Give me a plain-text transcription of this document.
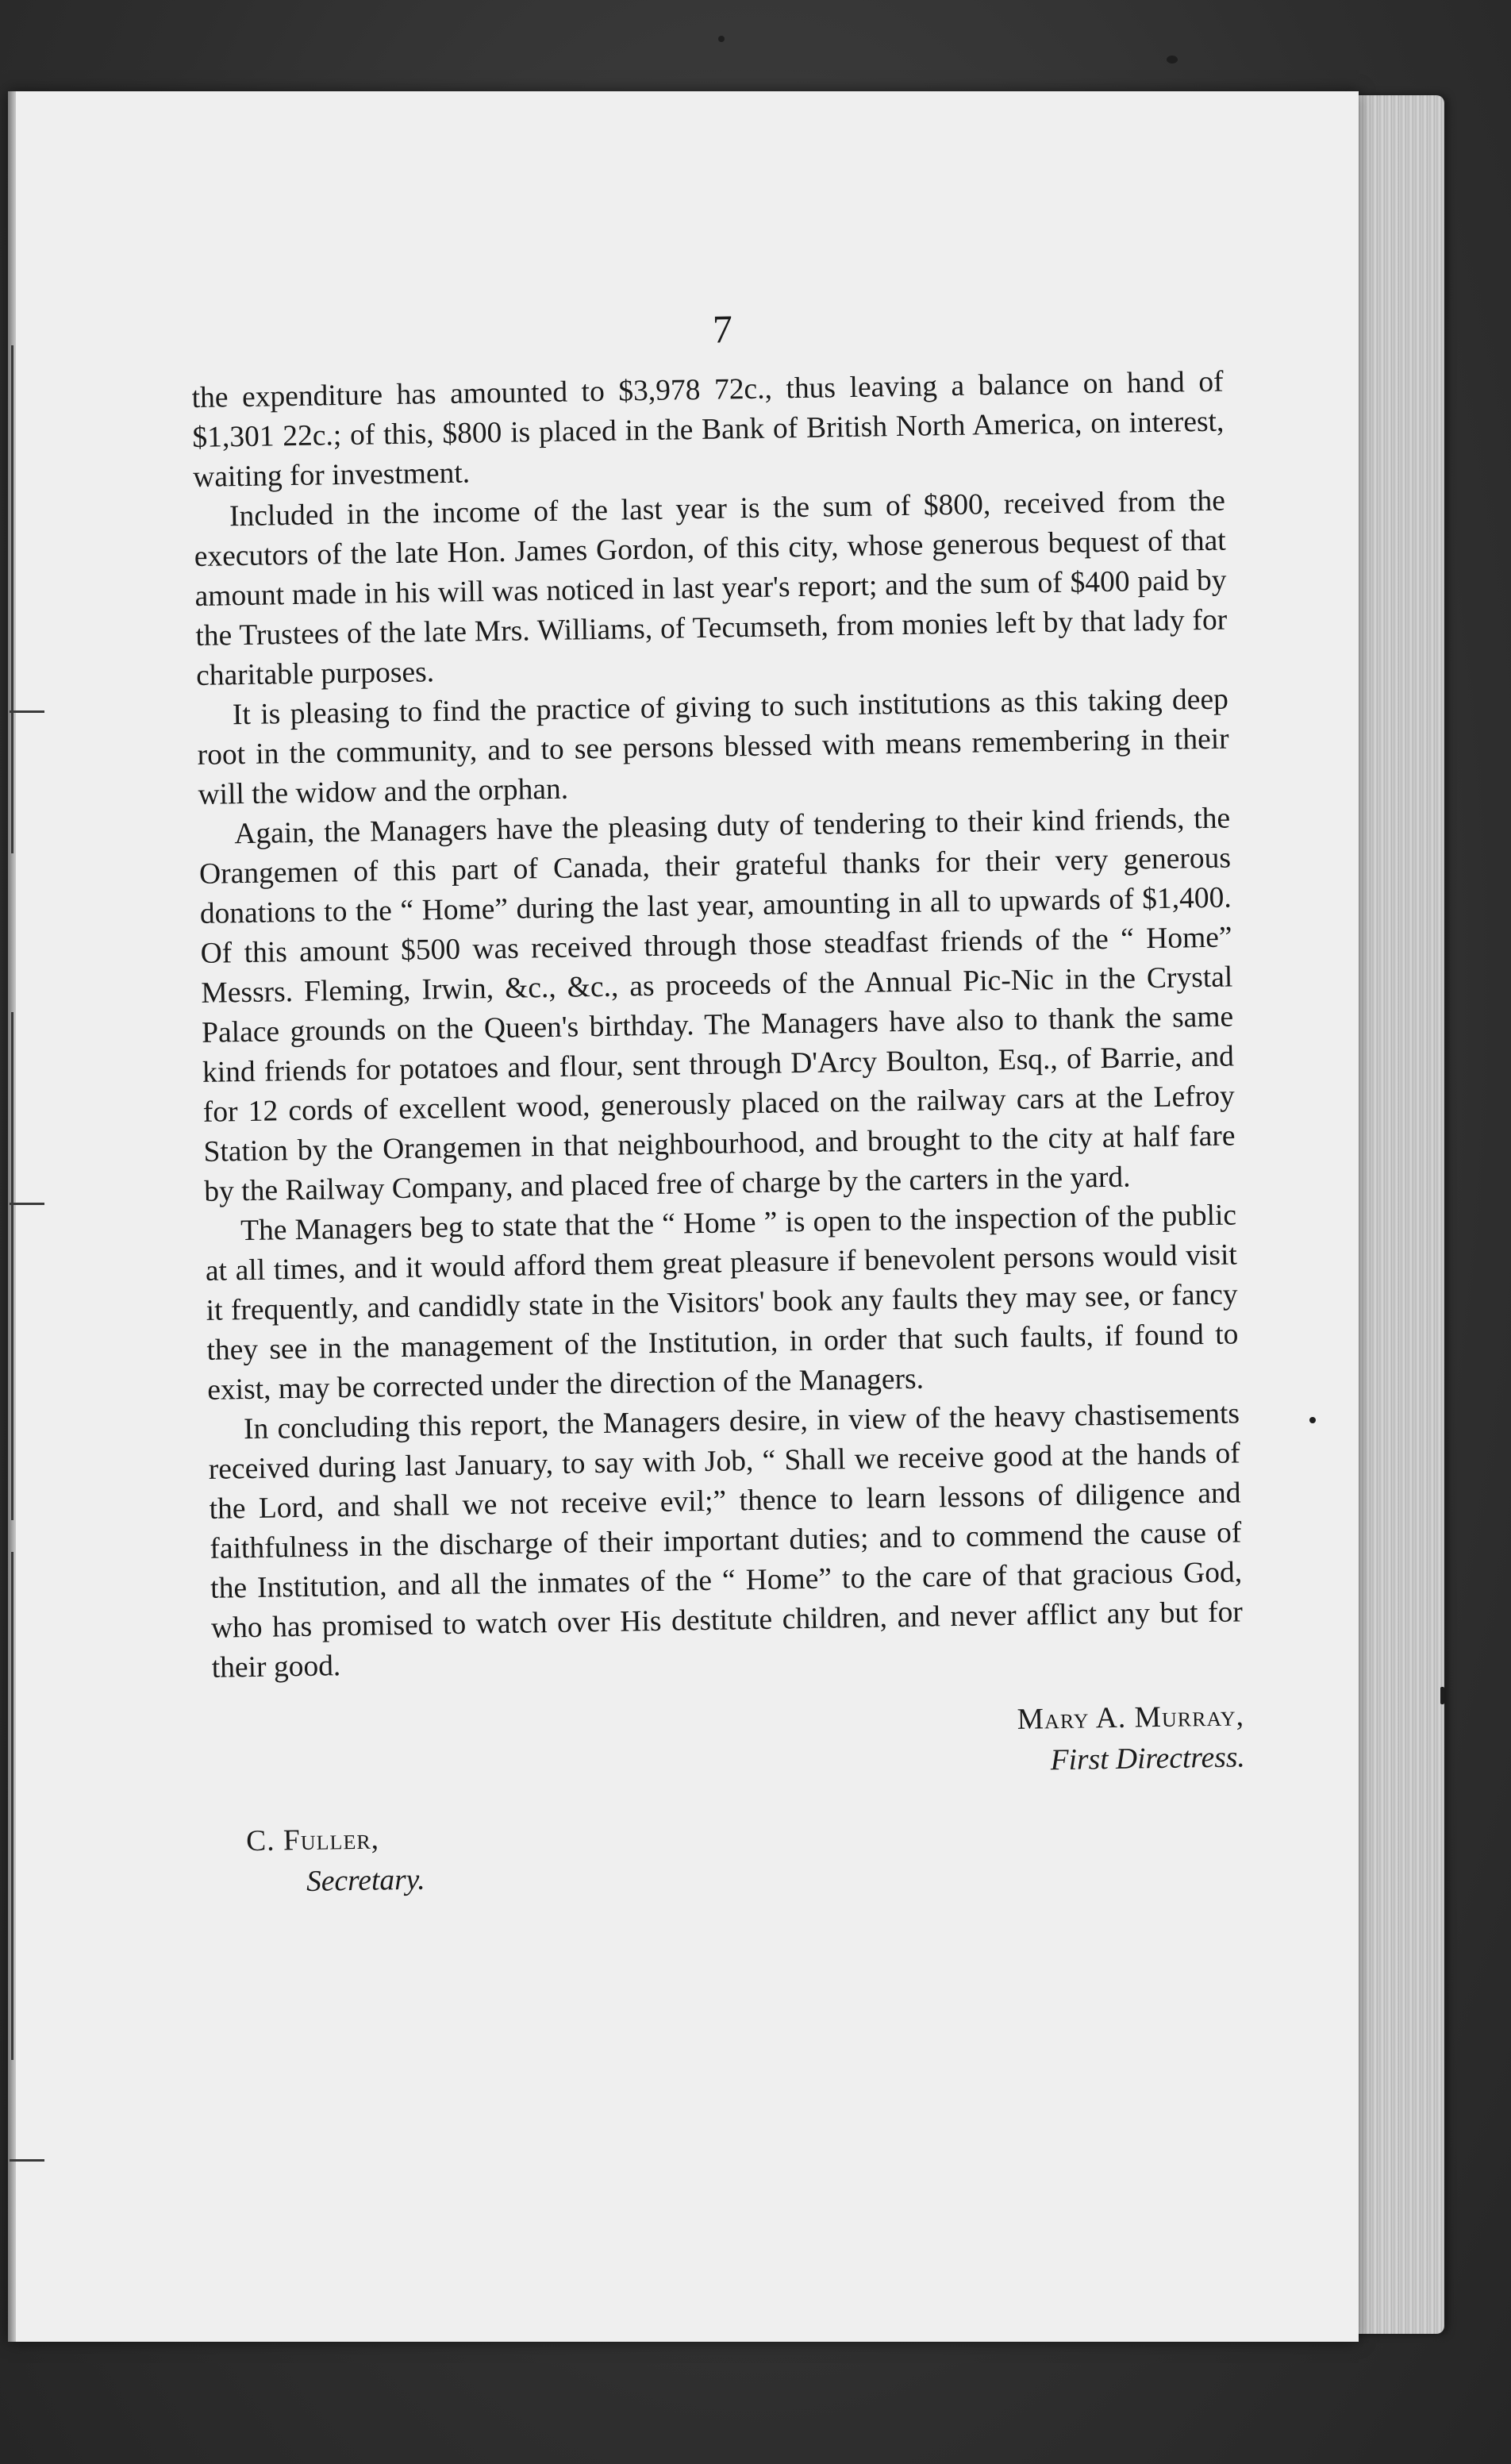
7

the expenditure has amounted to $3,978 72c., thus leaving a balance on hand of $1,301 22c.; of this, $800 is placed in the Bank of British North America, on interest, waiting for investment.

Included in the income of the last year is the sum of $800, received from the executors of the late Hon. James Gordon, of this city, whose generous bequest of that amount made in his will was noticed in last year's report; and the sum of $400 paid by the Trustees of the late Mrs. Williams, of Tecumseth, from monies left by that lady for charitable purposes.

It is pleasing to find the practice of giving to such institutions as this taking deep root in the community, and to see persons blessed with means remembering in their will the widow and the orphan.

Again, the Managers have the pleasing duty of tendering to their kind friends, the Orangemen of this part of Canada, their grateful thanks for their very generous donations to the “ Home” during the last year, amounting in all to upwards of $1,400. Of this amount $500 was received through those steadfast friends of the “ Home” Messrs. Fleming, Irwin, &c., &c., as proceeds of the Annual Pic-Nic in the Crystal Palace grounds on the Queen's birthday. The Managers have also to thank the same kind friends for potatoes and flour, sent through D'Arcy Boulton, Esq., of Barrie, and for 12 cords of excellent wood, generously placed on the railway cars at the Lefroy Station by the Orangemen in that neighbourhood, and brought to the city at half fare by the Railway Company, and placed free of charge by the carters in the yard.

The Managers beg to state that the “ Home ” is open to the inspection of the public at all times, and it would afford them great pleasure if benevolent persons would visit it frequently, and candidly state in the Visitors' book any faults they may see, or fancy they see in the management of the Institution, in order that such faults, if found to exist, may be corrected under the direction of the Managers.

In concluding this report, the Managers desire, in view of the heavy chastisements received during last January, to say with Job, “ Shall we receive good at the hands of the Lord, and shall we not receive evil;” thence to learn lessons of diligence and faithfulness in the discharge of their important duties; and to commend the cause of the Institution, and all the inmates of the “ Home” to the care of that gracious God, who has promised to watch over His destitute children, and never afflict any but for their good.

Mary A. Murray,
First Directress.
C. Fuller,
Secretary.
